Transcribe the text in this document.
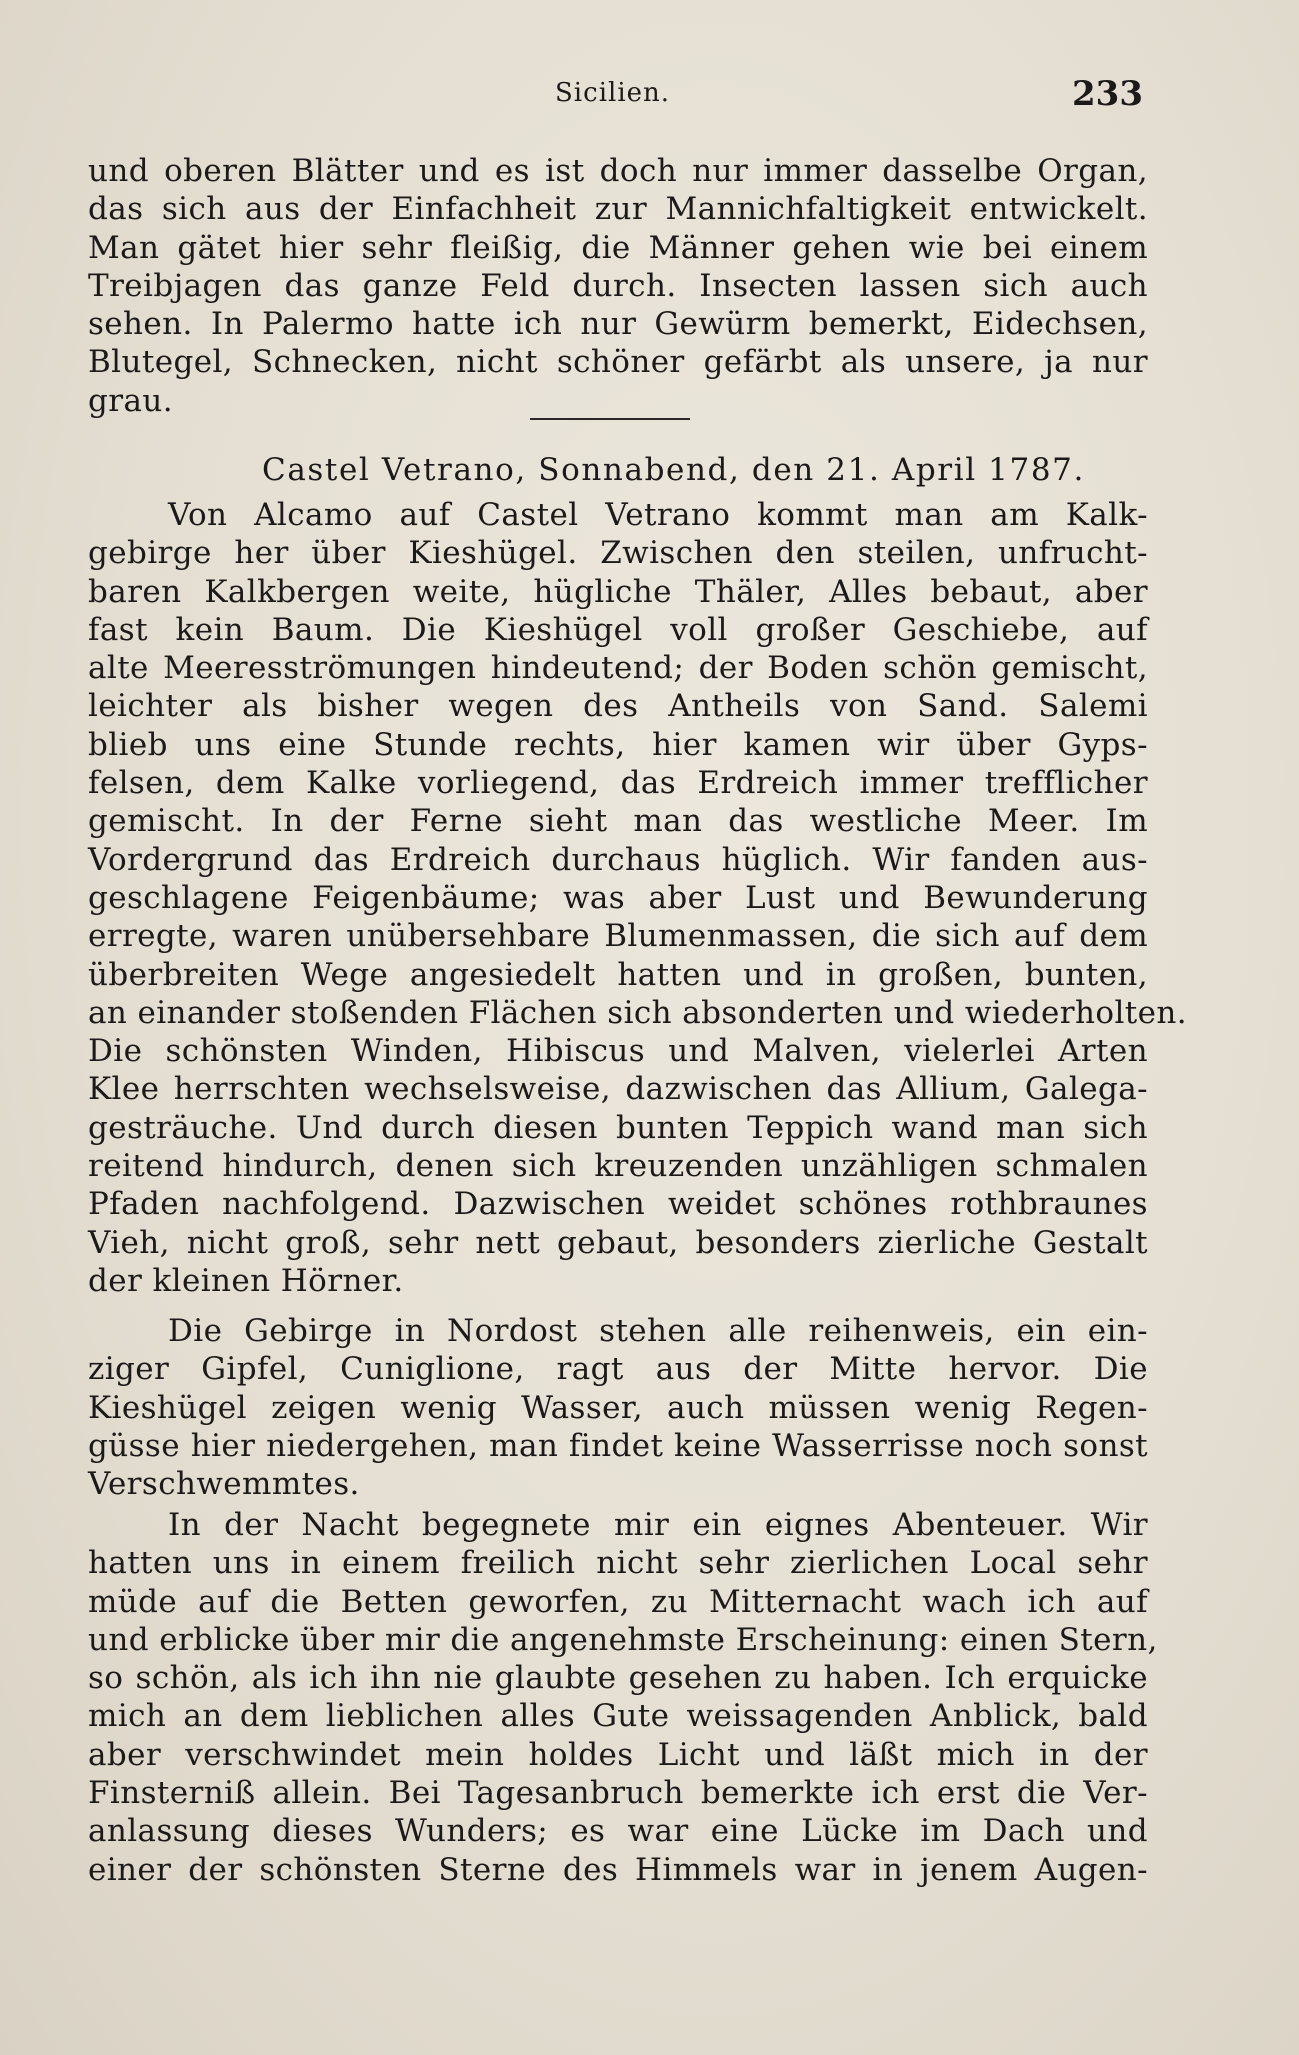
Sicilien.	233
und oberen Blätter und es ist doch nur immer dasselbe Organ,
das sich aus der Einfachheit zur Mannichfaltigkeit entwickelt.
Man gätet hier sehr fleißig, die Männer gehen wie bei einem
Treibjagen das ganze Feld durch. Insecten lassen sich auch
sehen. In Palermo hatte ich nur Gewürm bemerkt, Eidechsen,
Blutegel, Schnecken, nicht schöner gefärbt als unsere, ja nur
grau.
Castel Vetrano, Sonnabend, den 21. April 1787.
Von Alcamo auf Castel Vetrano kommt man am Kalk-
gebirge her über Kieshügel. Zwischen den steilen, unfrucht-
baren Kalkbergen weite, hügliche Thäler, Alles bebaut, aber
fast kein Baum. Die Kieshügel voll großer Geschiebe, auf
alte Meeresströmungen hindeutend; der Boden schön gemischt,
leichter als bisher wegen des Antheils von Sand. Salemi
blieb uns eine Stunde rechts, hier kamen wir über Gyps-
felsen, dem Kalke vorliegend, das Erdreich immer trefflicher
gemischt. In der Ferne sieht man das westliche Meer. Im
Vordergrund das Erdreich durchaus hüglich. Wir fanden aus-
geschlagene Feigenbäume; was aber Lust und Bewunderung
erregte, waren unübersehbare Blumenmassen, die sich auf dem
überbreiten Wege angesiedelt hatten und in großen, bunten,
an einander stoßenden Flächen sich absonderten und wiederholten.
Die schönsten Winden, Hibiscus und Malven, vielerlei Arten
Klee herrschten wechselsweise, dazwischen das Allium, Galega-
gesträuche. Und durch diesen bunten Teppich wand man sich
reitend hindurch, denen sich kreuzenden unzähligen schmalen
Pfaden nachfolgend. Dazwischen weidet schönes rothbraunes
Vieh, nicht groß, sehr nett gebaut, besonders zierliche Gestalt
der kleinen Hörner.
Die Gebirge in Nordost stehen alle reihenweis, ein ein-
ziger Gipfel, Cuniglione, ragt aus der Mitte hervor. Die
Kieshügel zeigen wenig Wasser, auch müssen wenig Regen-
güsse hier niedergehen, man findet keine Wasserrisse noch sonst
Verschwemmtes.
In der Nacht begegnete mir ein eignes Abenteuer. Wir
hatten uns in einem freilich nicht sehr zierlichen Local sehr
müde auf die Betten geworfen, zu Mitternacht wach ich auf
und erblicke über mir die angenehmste Erscheinung: einen Stern,
so schön, als ich ihn nie glaubte gesehen zu haben. Ich erquicke
mich an dem lieblichen alles Gute weissagenden Anblick, bald
aber verschwindet mein holdes Licht und läßt mich in der
Finsterniß allein. Bei Tagesanbruch bemerkte ich erst die Ver-
anlassung dieses Wunders; es war eine Lücke im Dach und
einer der schönsten Sterne des Himmels war in jenem Augen-
